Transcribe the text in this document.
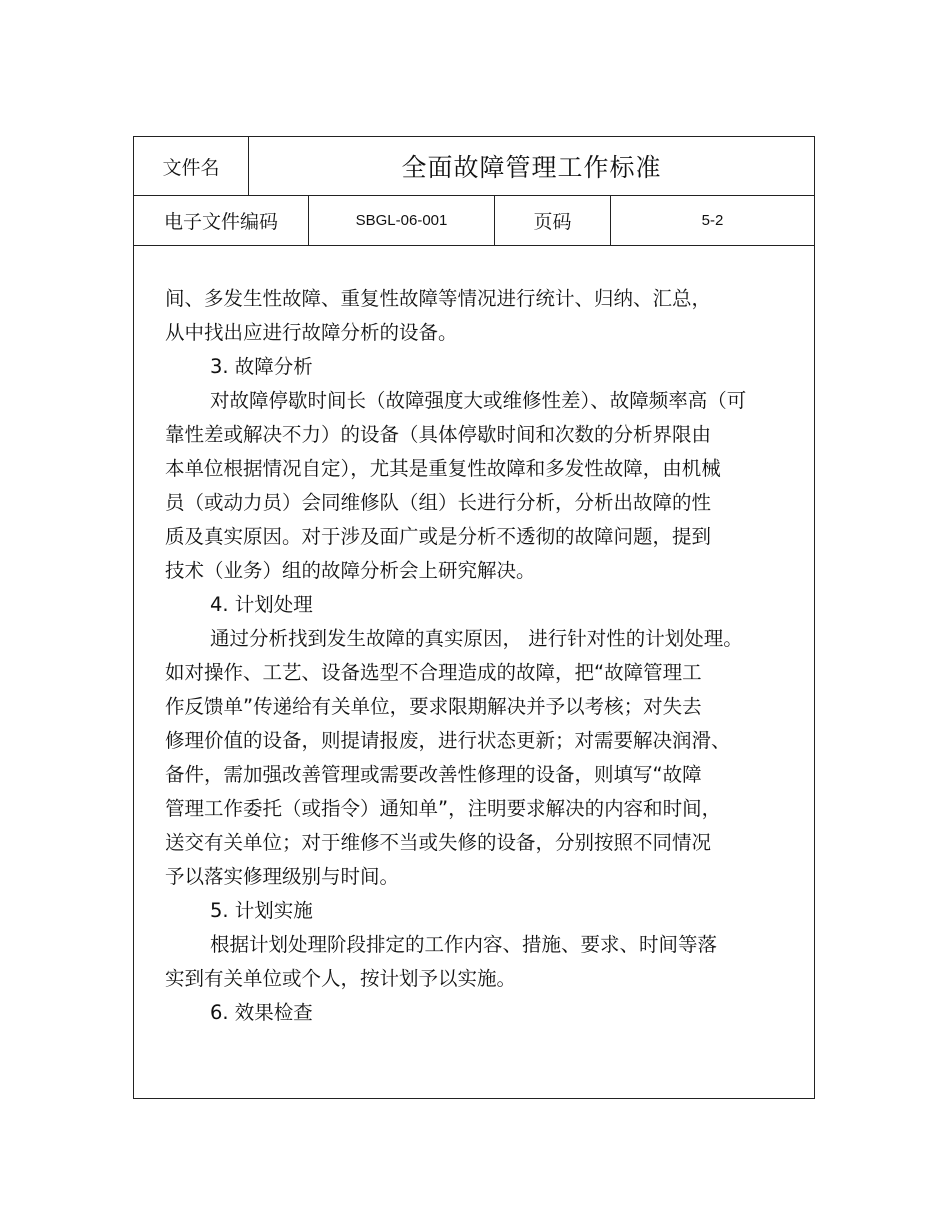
文件名	全面故障管理工作标准
电子文件编码	SBGL-06-001	页码	5-2
间、多发生性故障、重复性故障等情况进行统计、归纳、汇总，
从中找出应进行故障分析的设备。
3. 故障分析
对故障停歇时间长（故障强度大或维修性差）、故障频率高（可
靠性差或解决不力）的设备（具体停歇时间和次数的分析界限由
本单位根据情况自定），尤其是重复性故障和多发性故障，由机械
员（或动力员）会同维修队（组）长进行分析，分析出故障的性
质及真实原因。对于涉及面广或是分析不透彻的故障问题，提到
技术（业务）组的故障分析会上研究解决。
4. 计划处理
通过分析找到发生故障的真实原因， 进行针对性的计划处理。
如对操作、工艺、设备选型不合理造成的故障，把“故障管理工
作反馈单”传递给有关单位，要求限期解决并予以考核；对失去
修理价值的设备，则提请报废，进行状态更新；对需要解决润滑、
备件，需加强改善管理或需要改善性修理的设备，则填写“故障
管理工作委托（或指令）通知单”，注明要求解决的内容和时间，
送交有关单位；对于维修不当或失修的设备，分别按照不同情况
予以落实修理级别与时间。
5. 计划实施
根据计划处理阶段排定的工作内容、措施、要求、时间等落
实到有关单位或个人，按计划予以实施。
6. 效果检查
